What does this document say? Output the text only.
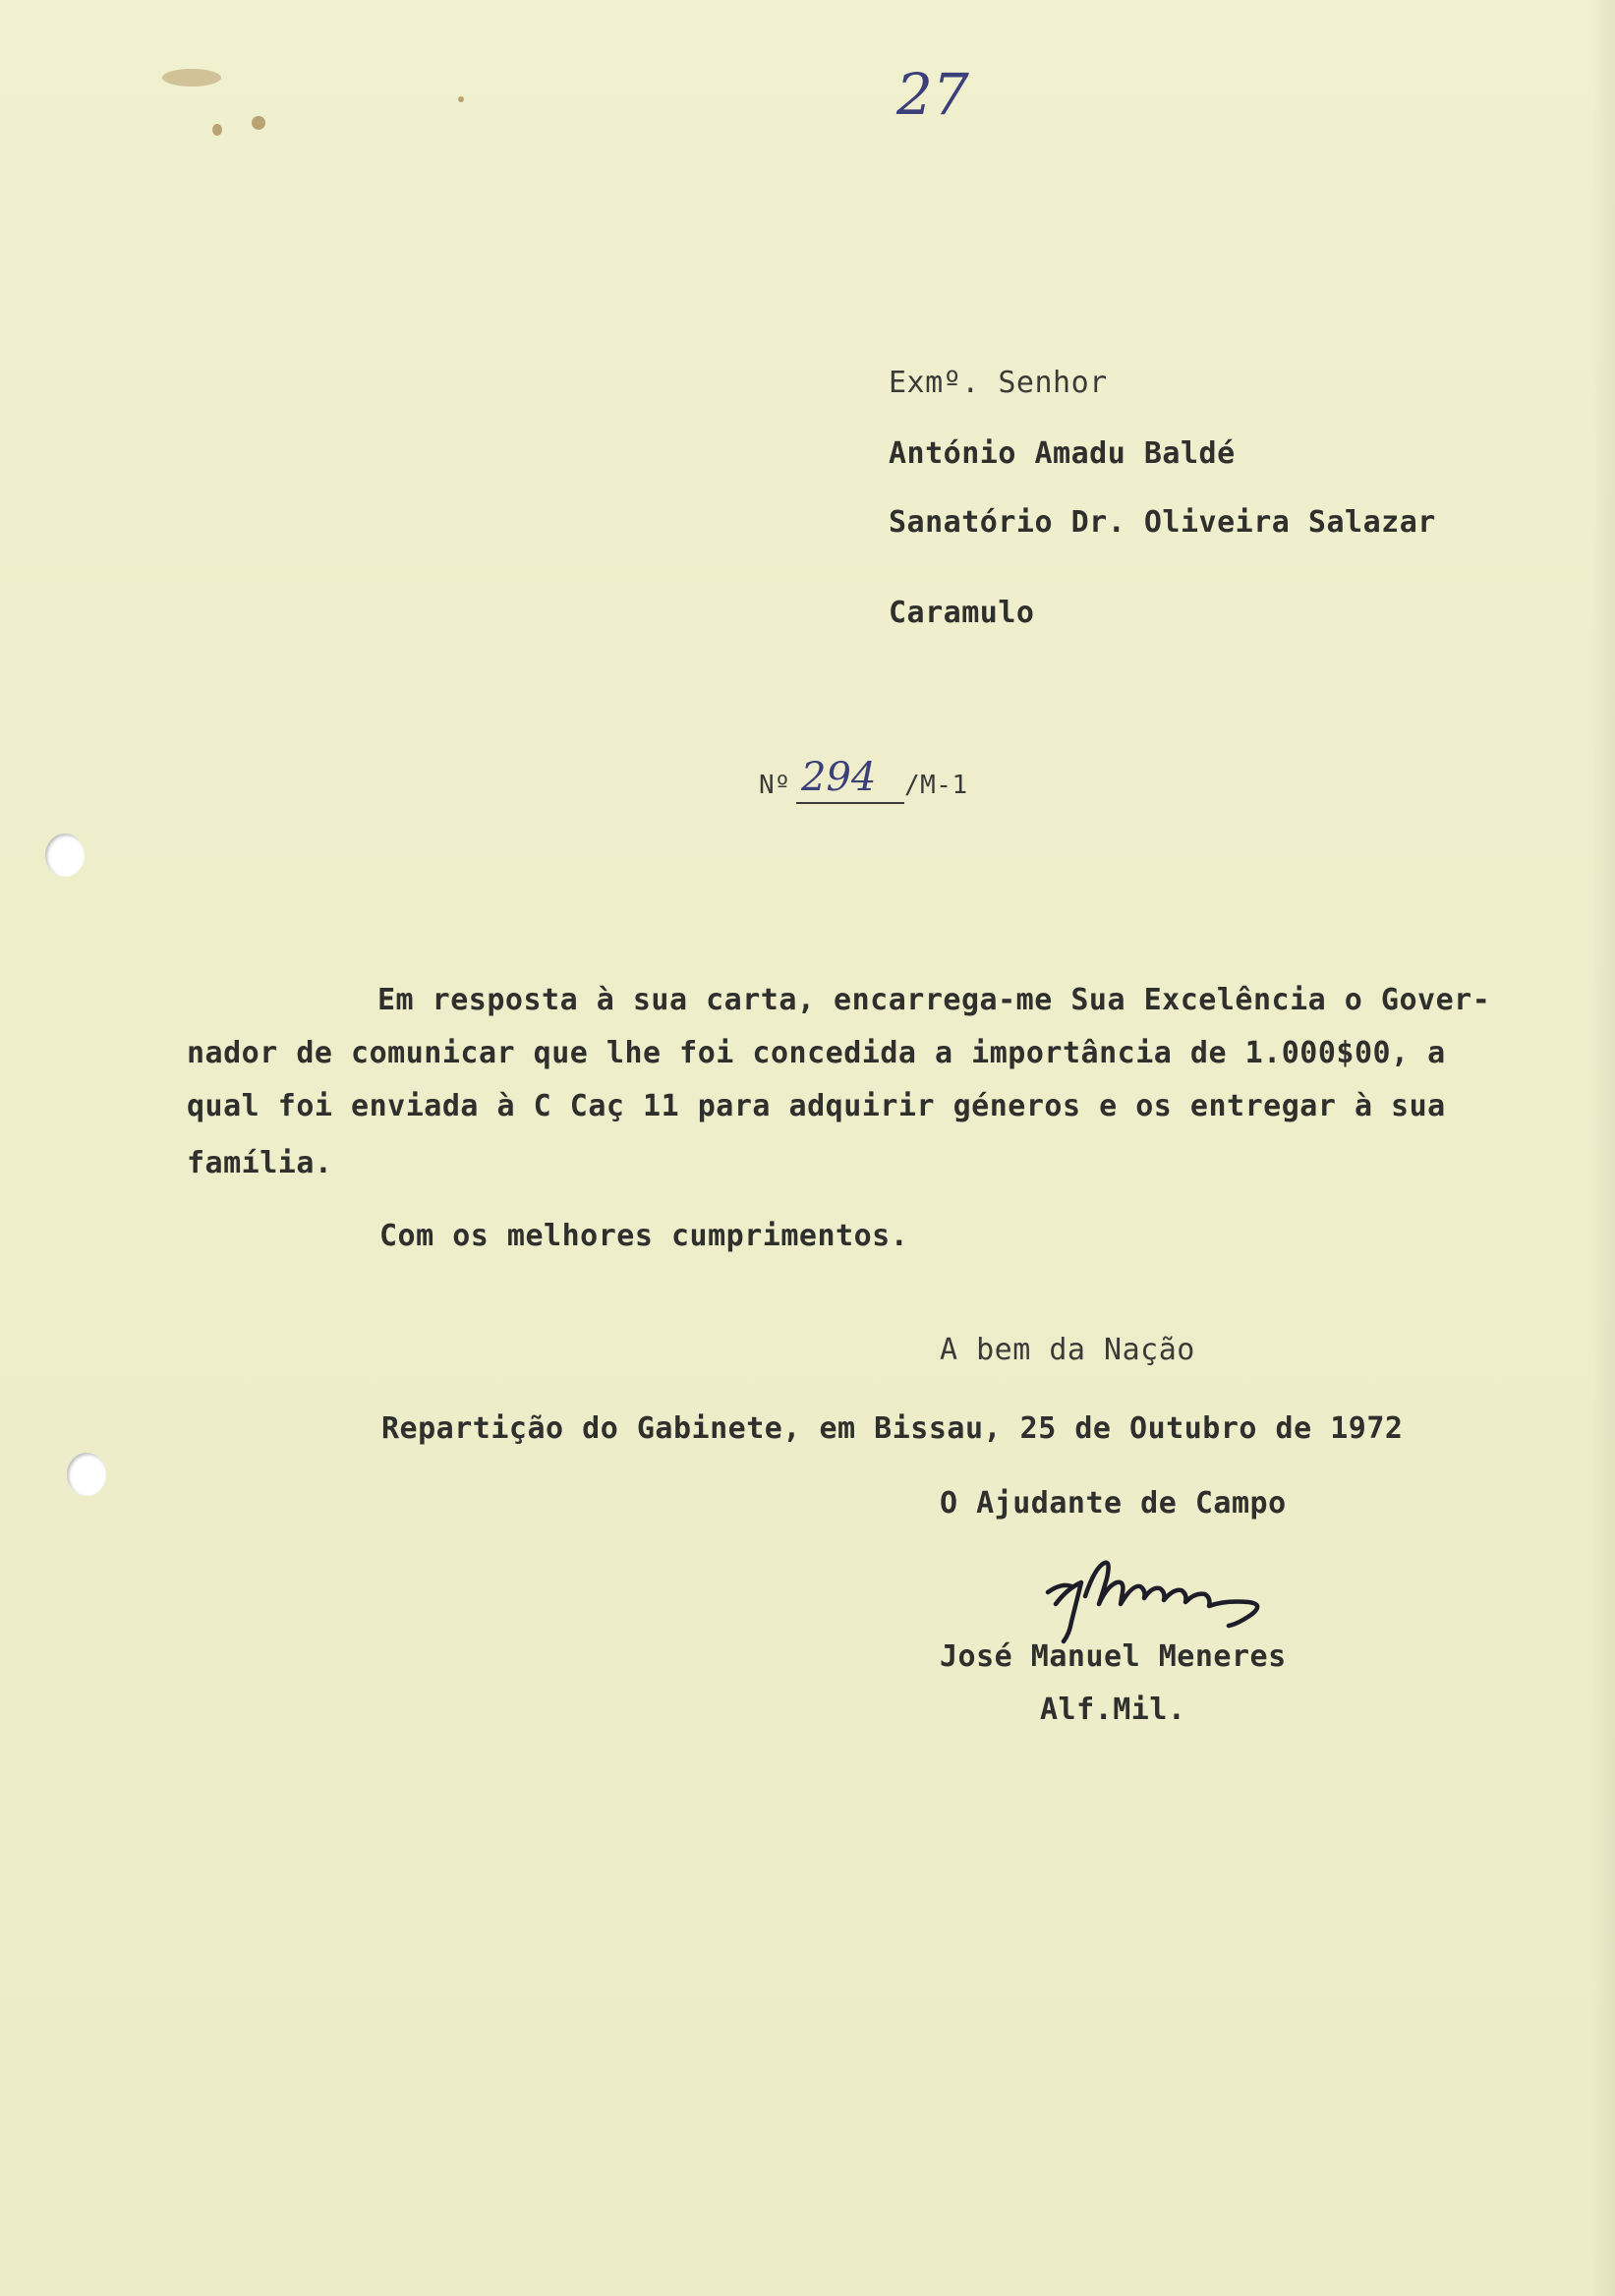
27
Exmº. Senhor
António Amadu Baldé
Sanatório Dr. Oliveira Salazar
Caramulo
Nº 294 /M-1
Em resposta à sua carta, encarrega-me Sua Excelência o Gover-
nador de comunicar que lhe foi concedida a importância de 1.000$00, a
qual foi enviada à C Caç 11 para adquirir géneros e os entregar à sua
família.
Com os melhores cumprimentos.
A bem da Nação
Repartição do Gabinete, em Bissau, 25 de Outubro de 1972
O Ajudante de Campo
José Manuel Meneres
Alf.Mil.
